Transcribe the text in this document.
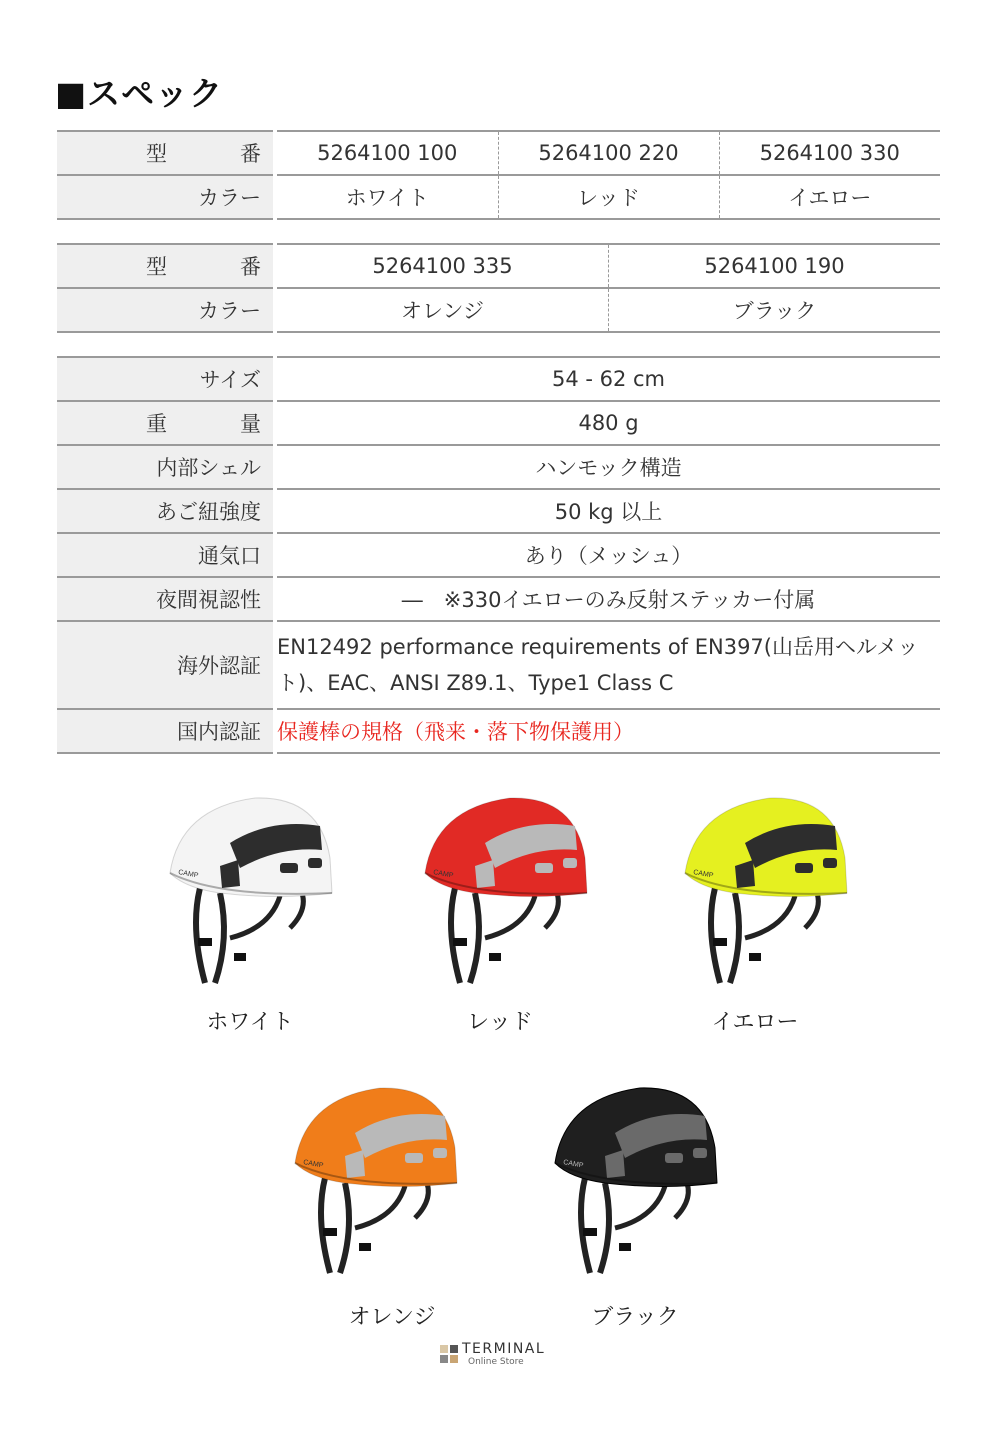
■スペック
型　番		5264100 100	5264100 220	5264100 330
カラー		ホワイト	レッド	イエロー
型　番		5264100 335	5264100 190
カラー		オレンジ	ブラック
サイズ		54 - 62 cm
重　量		480 g
内部シェル		ハンモック構造
あご紐強度		50 kg 以上
通気口		あり（メッシュ）
夜間視認性		―　※330イエローのみ反射ステッカー付属
海外認証		EN12492 performance requirements of EN397(山岳用ヘルメット)、EAC、ANSI Z89.1、Type1 Class C
国内認証		保護棒の規格（飛来・落下物保護用）
CAMP	CAMP	CAMP
CAMP	CAMP
ホワイト	レッド	イエロー
オレンジ	ブラック
TERMINAL
Online Store
